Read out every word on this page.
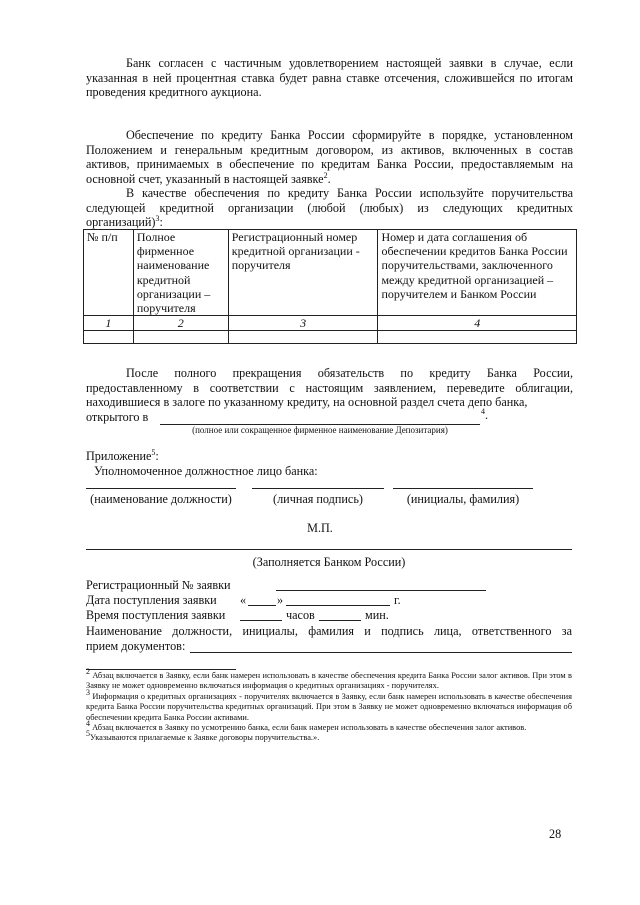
Банк согласен с частичным удовлетворением настоящей заявки в случае, если указанная в ней процентная ставка будет равна ставке отсечения, сложившейся по итогам проведения кредитного аукциона.
Обеспечение по кредиту Банка России сформируйте в порядке, установленном Положением и генеральным кредитным договором, из активов, включенных в состав активов, принимаемых в обеспечение по кредитам Банка России, предоставляемым на основной счет, указанный в настоящей заявке$^2$.
В качестве обеспечения по кредиту Банка России используйте поручительства следующей кредитной организации (любой (любых) из следующих кредитных организаций)$^3$:
№ п/п	Полное фирменное наименование кредитной организации – поручителя	Регистрационный номер кредитной организации - поручителя	Номер и дата соглашения об обеспечении кредитов Банка России поручительствами, заключенного между кредитной организацией – поручителем и Банком России
1	2	3	4

После полного прекращения обязательств по кредиту Банка России, предоставленному в соответствии с настоящим заявлением, переведите облигации, находившиеся в залоге по указанному кредиту, на основной раздел счета депо банка,
открытого в	$^4$.
(полное или сокращенное фирменное наименование Депозитария)
Приложение$^5$:
Уполномоченное должностное лицо банка:
(наименование должности)	(личная подпись)	(инициалы, фамилия)
М.П.
(Заполняется Банком России)
Регистрационный № заявки
Дата поступления заявки «	»	г.
Время поступления заявки	часов	мин.
Наименование должности, инициалы, фамилия и подпись лица, ответственного за
прием документов:
$^2$ Абзац включается в Заявку, если банк намерен использовать в качестве обеспечения кредита Банка России залог активов. При этом в Заявку не может одновременно включаться информация о кредитных организациях - поручителях.
$^3$ Информация о кредитных организациях - поручителях включается в Заявку, если банк намерен использовать в качестве обеспечения кредита Банка России поручительства кредитных организаций. При этом в Заявку не может одновременно включаться информация об обеспечении кредита Банка России активами.
$^4$ Абзац включается в Заявку по усмотрению банка, если банк намерен использовать в качестве обеспечения залог активов.
$^5$Указываются прилагаемые к Заявке договоры поручительства.».
28
